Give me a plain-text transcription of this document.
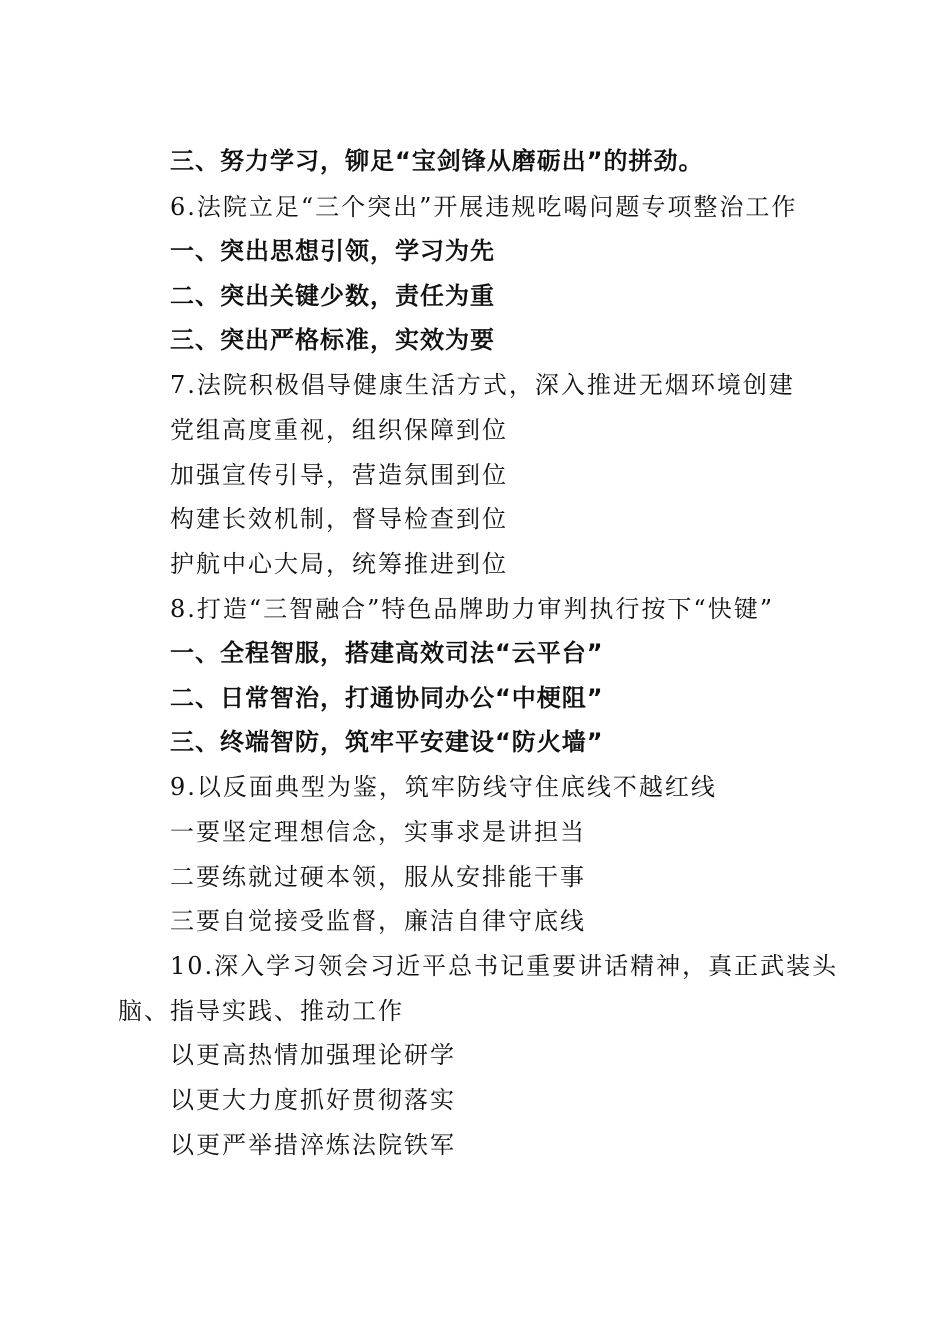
三、努力学习，铆足“宝剑锋从磨砺出”的拼劲。
6.法院立足“三个突出”开展违规吃喝问题专项整治工作
一、突出思想引领，学习为先
二、突出关键少数，责任为重
三、突出严格标准，实效为要
7.法院积极倡导健康生活方式，深入推进无烟环境创建
党组高度重视，组织保障到位
加强宣传引导，营造氛围到位
构建长效机制，督导检查到位
护航中心大局，统筹推进到位
8.打造“三智融合”特色品牌助力审判执行按下“快键”
一、全程智服，搭建高效司法“云平台”
二、日常智治，打通协同办公“中梗阻”
三、终端智防，筑牢平安建设“防火墙”
9.以反面典型为鉴，筑牢防线守住底线不越红线
一要坚定理想信念，实事求是讲担当
二要练就过硬本领，服从安排能干事
三要自觉接受监督，廉洁自律守底线
10.深入学习领会习近平总书记重要讲话精神，真正武装头
脑、指导实践、推动工作
以更高热情加强理论研学
以更大力度抓好贯彻落实
以更严举措淬炼法院铁军
